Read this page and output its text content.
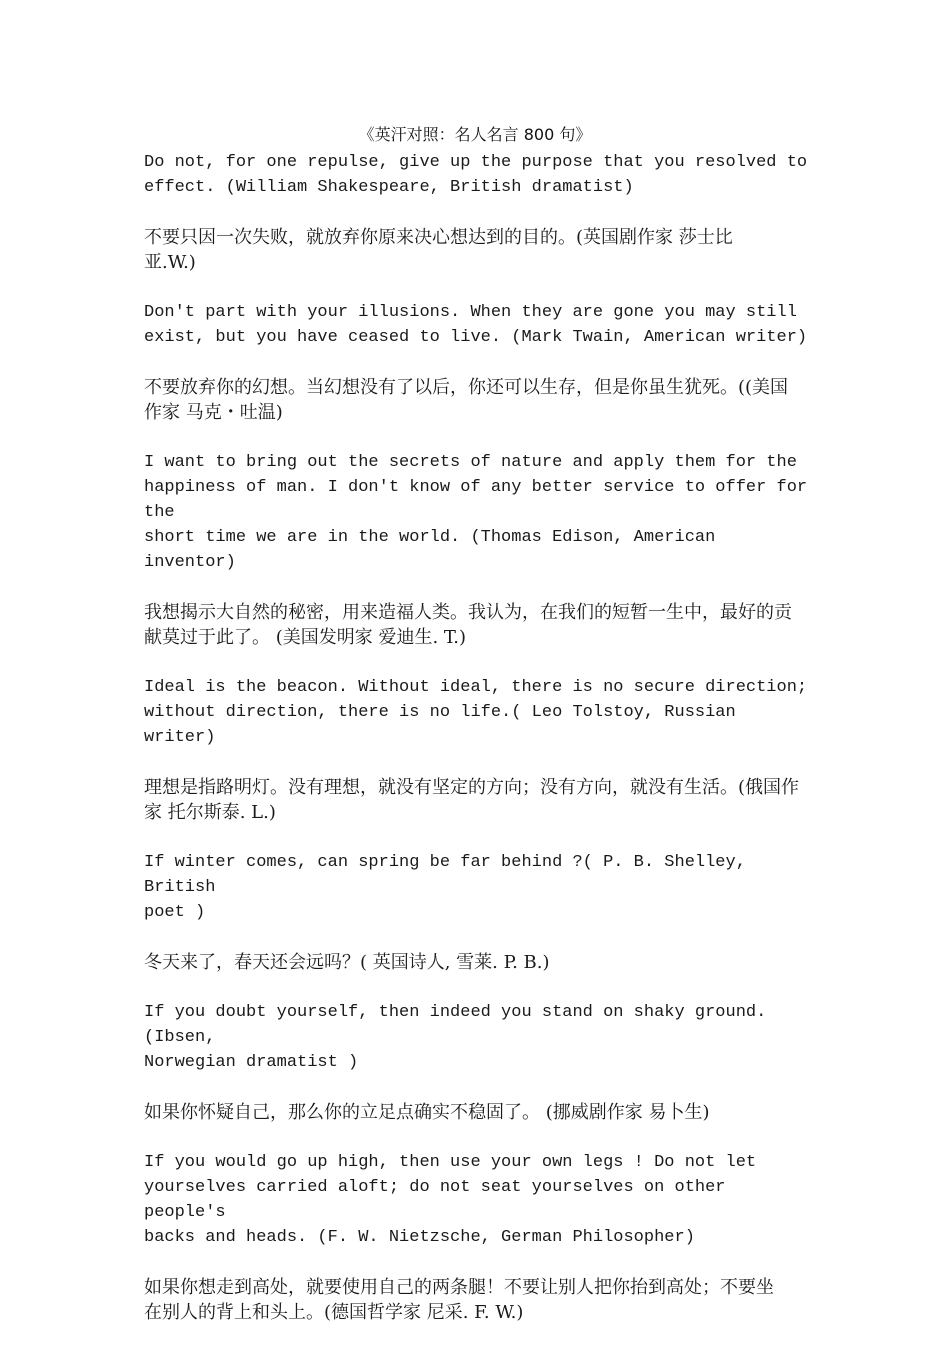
《英汗对照：名人名言 800 句》

Do not, for one repulse, give up the purpose that you resolved to
effect. (William Shakespeare, British dramatist)

不要只因一次失败，就放弃你原来决心想达到的目的。(英国剧作家 莎士比
亚.W.)

Don't part with your illusions. When they are gone you may still
exist, but you have ceased to live. (Mark Twain, American writer)

不要放弃你的幻想。当幻想没有了以后，你还可以生存，但是你虽生犹死。((美国
作家 马克・吐温)

I want to bring out the secrets of nature and apply them for the
happiness of man. I don't know of any better service to offer for the
short time we are in the world. (Thomas Edison, American inventor)

我想揭示大自然的秘密，用来造福人类。我认为，在我们的短暂一生中，最好的贡
献莫过于此了。 (美国发明家 爱迪生. T.)

Ideal is the beacon. Without ideal, there is no secure direction;
without direction, there is no life.( Leo Tolstoy, Russian writer)

理想是指路明灯。没有理想，就没有坚定的方向；没有方向，就没有生活。(俄国作
家 托尔斯泰. L.)

If winter comes, can spring be far behind ?( P. B. Shelley, British
poet )

冬天来了，春天还会远吗？( 英国诗人, 雪莱. P. B.)

If you doubt yourself, then indeed you stand on shaky ground. (Ibsen,
Norwegian dramatist )

如果你怀疑自己，那么你的立足点确实不稳固了。 (挪威剧作家 易卜生)

If you would go up high, then use your own legs ! Do not let
yourselves carried aloft; do not seat yourselves on other people's
backs and heads. (F. W. Nietzsche, German Philosopher)

如果你想走到高处，就要使用自己的两条腿！不要让别人把你抬到高处；不要坐
在别人的背上和头上。(德国哲学家 尼采. F. W.)
